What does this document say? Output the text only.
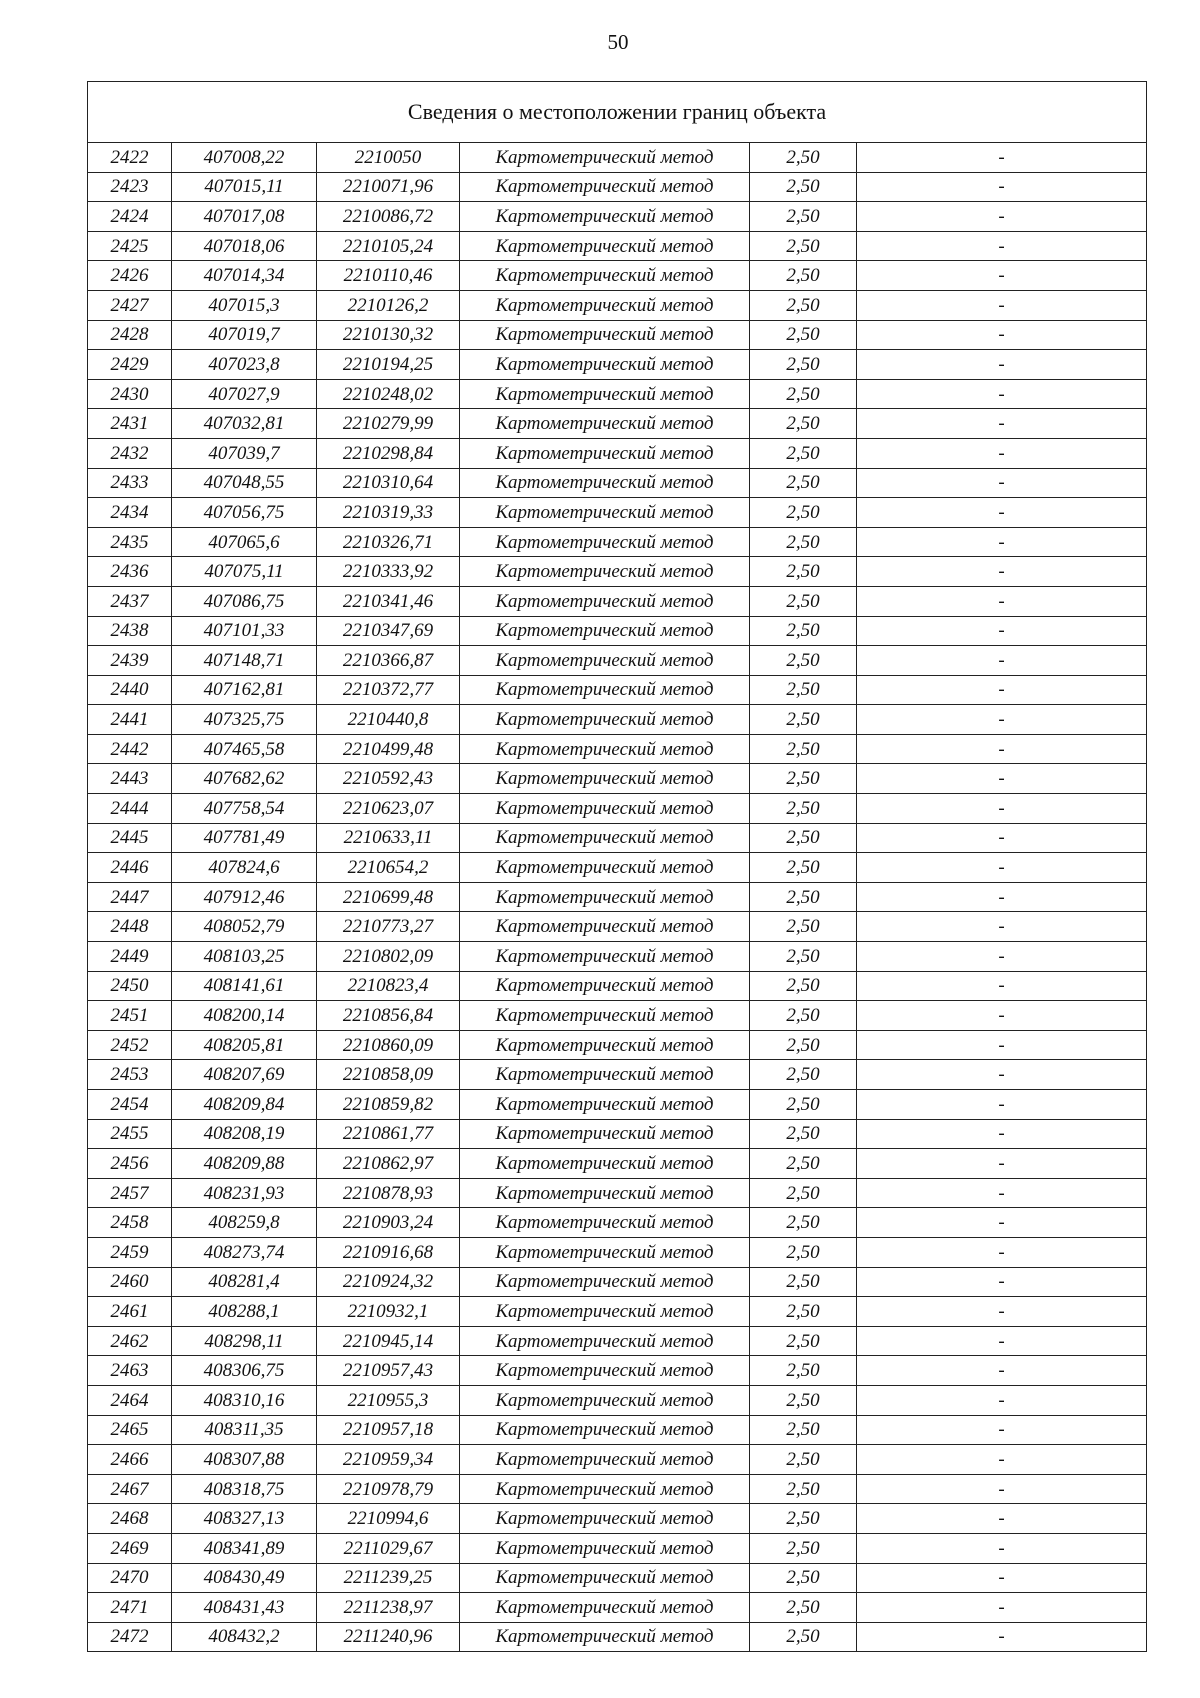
50
Сведения о местоположении границ объекта					
2422	407008,22	2210050	Картометрический метод	2,50	-
2423	407015,11	2210071,96	Картометрический метод	2,50	-
2424	407017,08	2210086,72	Картометрический метод	2,50	-
2425	407018,06	2210105,24	Картометрический метод	2,50	-
2426	407014,34	2210110,46	Картометрический метод	2,50	-
2427	407015,3	2210126,2	Картометрический метод	2,50	-
2428	407019,7	2210130,32	Картометрический метод	2,50	-
2429	407023,8	2210194,25	Картометрический метод	2,50	-
2430	407027,9	2210248,02	Картометрический метод	2,50	-
2431	407032,81	2210279,99	Картометрический метод	2,50	-
2432	407039,7	2210298,84	Картометрический метод	2,50	-
2433	407048,55	2210310,64	Картометрический метод	2,50	-
2434	407056,75	2210319,33	Картометрический метод	2,50	-
2435	407065,6	2210326,71	Картометрический метод	2,50	-
2436	407075,11	2210333,92	Картометрический метод	2,50	-
2437	407086,75	2210341,46	Картометрический метод	2,50	-
2438	407101,33	2210347,69	Картометрический метод	2,50	-
2439	407148,71	2210366,87	Картометрический метод	2,50	-
2440	407162,81	2210372,77	Картометрический метод	2,50	-
2441	407325,75	2210440,8	Картометрический метод	2,50	-
2442	407465,58	2210499,48	Картометрический метод	2,50	-
2443	407682,62	2210592,43	Картометрический метод	2,50	-
2444	407758,54	2210623,07	Картометрический метод	2,50	-
2445	407781,49	2210633,11	Картометрический метод	2,50	-
2446	407824,6	2210654,2	Картометрический метод	2,50	-
2447	407912,46	2210699,48	Картометрический метод	2,50	-
2448	408052,79	2210773,27	Картометрический метод	2,50	-
2449	408103,25	2210802,09	Картометрический метод	2,50	-
2450	408141,61	2210823,4	Картометрический метод	2,50	-
2451	408200,14	2210856,84	Картометрический метод	2,50	-
2452	408205,81	2210860,09	Картометрический метод	2,50	-
2453	408207,69	2210858,09	Картометрический метод	2,50	-
2454	408209,84	2210859,82	Картометрический метод	2,50	-
2455	408208,19	2210861,77	Картометрический метод	2,50	-
2456	408209,88	2210862,97	Картометрический метод	2,50	-
2457	408231,93	2210878,93	Картометрический метод	2,50	-
2458	408259,8	2210903,24	Картометрический метод	2,50	-
2459	408273,74	2210916,68	Картометрический метод	2,50	-
2460	408281,4	2210924,32	Картометрический метод	2,50	-
2461	408288,1	2210932,1	Картометрический метод	2,50	-
2462	408298,11	2210945,14	Картометрический метод	2,50	-
2463	408306,75	2210957,43	Картометрический метод	2,50	-
2464	408310,16	2210955,3	Картометрический метод	2,50	-
2465	408311,35	2210957,18	Картометрический метод	2,50	-
2466	408307,88	2210959,34	Картометрический метод	2,50	-
2467	408318,75	2210978,79	Картометрический метод	2,50	-
2468	408327,13	2210994,6	Картометрический метод	2,50	-
2469	408341,89	2211029,67	Картометрический метод	2,50	-
2470	408430,49	2211239,25	Картометрический метод	2,50	-
2471	408431,43	2211238,97	Картометрический метод	2,50	-
2472	408432,2	2211240,96	Картометрический метод	2,50	-
